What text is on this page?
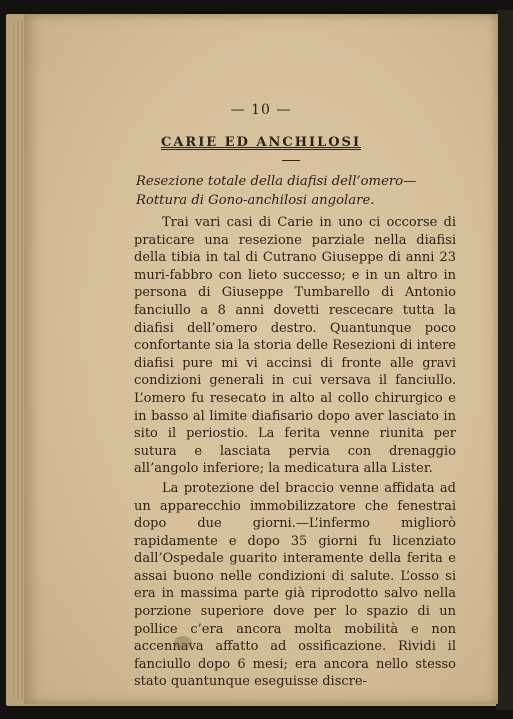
— 10 —
CARIE ED ANCHILOSI
Resezione totale della diafisi dell’omero—Rottura di Gono-anchilosi angolare.

Trai vari casi di Carie in uno ci occorse di praticare una resezione parziale nella diafisi della tibia in tal di Cutrano Giuseppe di anni 23 muri-fabbro con lieto successo; e in un altro in persona di Giuseppe Tumbarello di Antonio fanciullo a 8 anni dovetti rescecare tutta la diafisi dell’omero destro. Quantunque poco confortante sia la storia delle Resezioni di intere diafisi pure mi vi accinsi di fronte alle gravi condizioni generali in cui versava il fanciullo. L’omero fu resecato in alto al collo chirurgico e in basso al limite diafisario dopo aver lasciato in sito il periostio. La ferita venne riunita per sutura e lasciata pervia con drenaggio all’angolo inferiore; la medicatura alla Lister.

La protezione del braccio venne affidata ad un apparecchio immobilizzatore che fenestrai dopo due giorni.—L’infermo migliorò rapidamente e dopo 35 giorni fu licenziato dall’Ospedale guarito interamente della ferita e assai buono nelle condizioni di salute. L’osso si era in massima parte già riprodotto salvo nella porzione superiore dove per lo spazio di un pollice c’era ancora molta mobilità e non accennava affatto ad ossificazione. Rividi il fanciullo dopo 6 mesi; era ancora nello stesso stato quantunque eseguisse discre-
